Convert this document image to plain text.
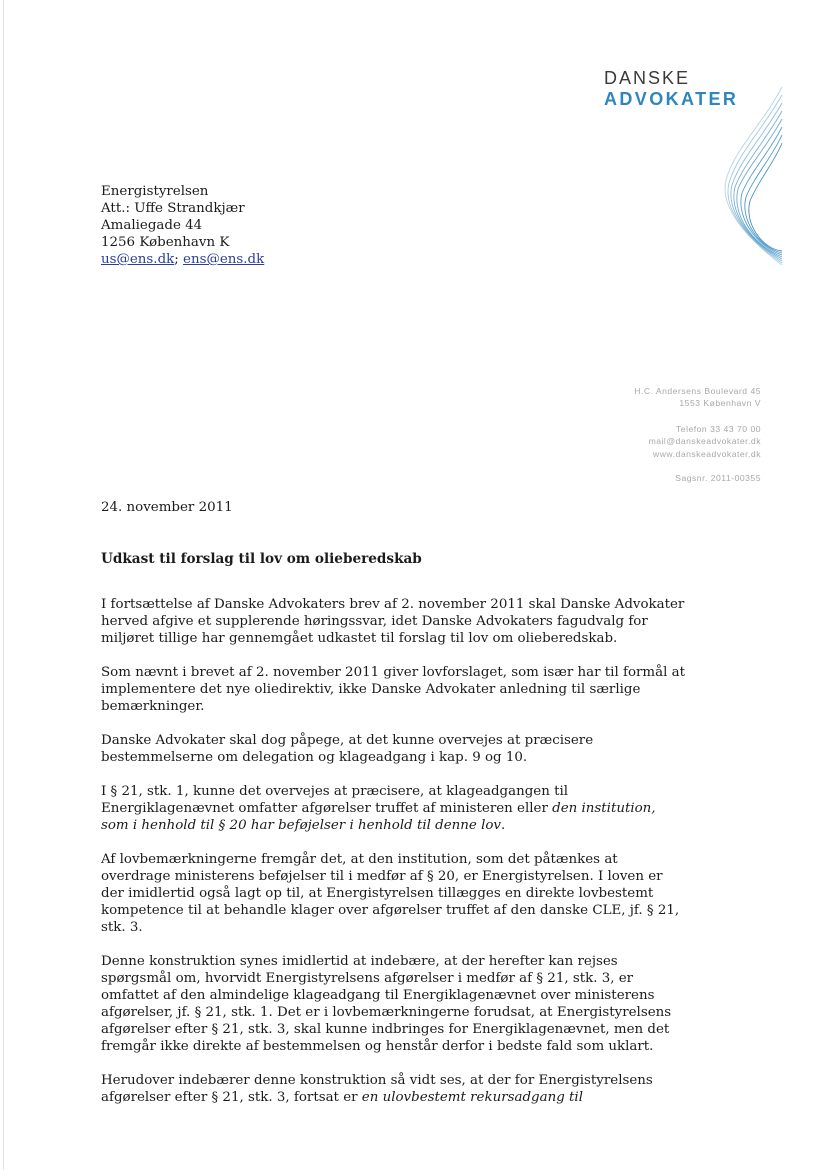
DANSKE
ADVOKATER
Energistyrelsen
Att.: Uffe Strandkjær
Amaliegade 44
1256 København K
us@ens.dk; ens@ens.dk
H.C. Andersens Boulevard 45
1553 København V
Telefon 33 43 70 00
mail@danskeadvokater.dk
www.danskeadvokater.dk
Sagsnr. 2011-00355
24. november 2011
Udkast til forslag til lov om olieberedskab
I fortsættelse af Danske Advokaters brev af 2. november 2011 skal Danske Advokater
herved afgive et supplerende høringssvar, idet Danske Advokaters fagudvalg for
miljøret tillige har gennemgået udkastet til forslag til lov om olieberedskab.
Som nævnt i brevet af 2. november 2011 giver lovforslaget, som især har til formål at
implementere det nye oliedirektiv, ikke Danske Advokater anledning til særlige
bemærkninger.
Danske Advokater skal dog påpege, at det kunne overvejes at præcisere
bestemmelserne om delegation og klageadgang i kap. 9 og 10.
I § 21, stk. 1, kunne det overvejes at præcisere, at klageadgangen til
Energiklagenævnet omfatter afgørelser truffet af ministeren eller den institution,
som i henhold til § 20 har beføjelser i henhold til denne lov.
Af lovbemærkningerne fremgår det, at den institution, som det påtænkes at
overdrage ministerens beføjelser til i medfør af § 20, er Energistyrelsen. I loven er
der imidlertid også lagt op til, at Energistyrelsen tillægges en direkte lovbestemt
kompetence til at behandle klager over afgørelser truffet af den danske CLE, jf. § 21,
stk. 3.
Denne konstruktion synes imidlertid at indebære, at der herefter kan rejses
spørgsmål om, hvorvidt Energistyrelsens afgørelser i medfør af § 21, stk. 3, er
omfattet af den almindelige klageadgang til Energiklagenævnet over ministerens
afgørelser, jf. § 21, stk. 1. Det er i lovbemærkningerne forudsat, at Energistyrelsens
afgørelser efter § 21, stk. 3, skal kunne indbringes for Energiklagenævnet, men det
fremgår ikke direkte af bestemmelsen og henstår derfor i bedste fald som uklart.
Herudover indebærer denne konstruktion så vidt ses, at der for Energistyrelsens
afgørelser efter § 21, stk. 3, fortsat er en ulovbestemt rekursadgang til
